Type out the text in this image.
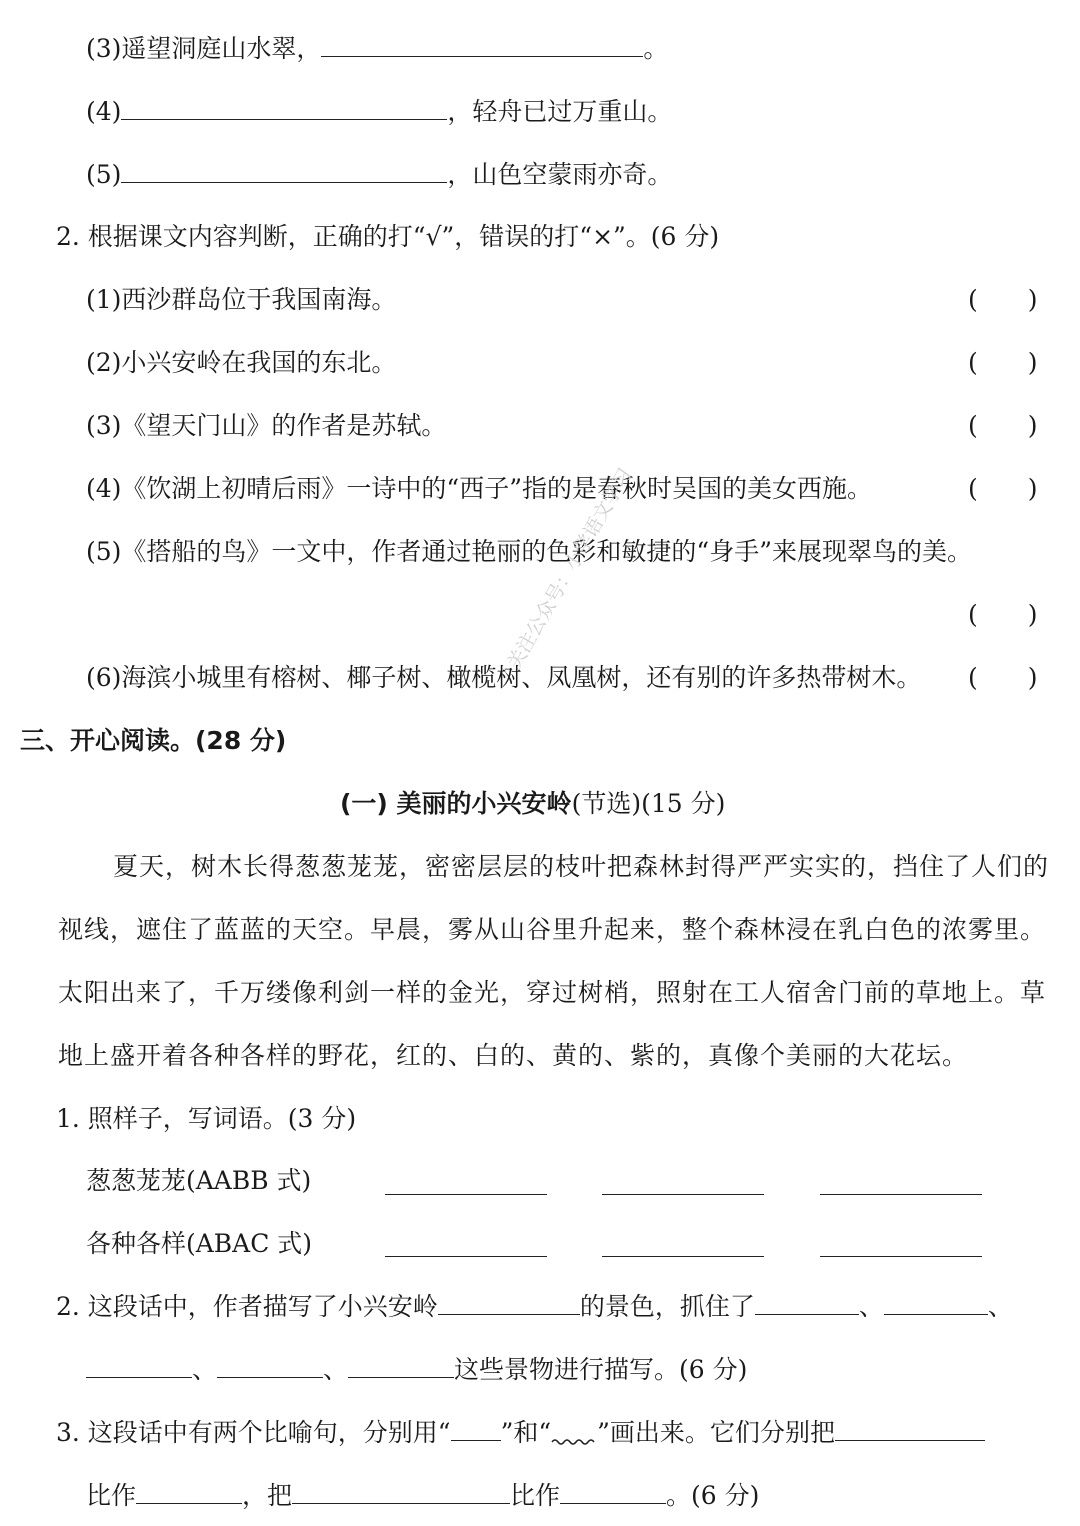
(3)遥望洞庭山水翠，	。
(4)	，轻舟已过万重山。
(5)	，山色空蒙雨亦奇。
2. 根据课文内容判断，正确的打“√”，错误的打“×”。(6 分)
(1)西沙群岛位于我国南海。	(　　)
(2)小兴安岭在我国的东北。	(　　)
(3)《望天门山》的作者是苏轼。	(　　)
(4)《饮湖上初晴后雨》一诗中的“西子”指的是春秋时吴国的美女西施。	(　　)
(5)《搭船的鸟》一文中，作者通过艳丽的色彩和敏捷的“身手”来展现翠鸟的美。
(　　)
(6)海滨小城里有榕树、椰子树、橄榄树、凤凰树，还有别的许多热带树木。 (　　)
三、开心阅读。(28 分)
(一) 美丽的小兴安岭(节选)(15 分)
关注公众号：小学语文学习
夏天，树木长得葱葱茏茏，密密层层的枝叶把森林封得严严实实的，挡住了人们的
视线，遮住了蓝蓝的天空。早晨，雾从山谷里升起来，整个森林浸在乳白色的浓雾里。
太阳出来了，千万缕像利剑一样的金光，穿过树梢，照射在工人宿舍门前的草地上。草
地上盛开着各种各样的野花，红的、白的、黄的、紫的，真像个美丽的大花坛。
1. 照样子，写词语。(3 分)
葱葱茏茏(AABB 式)
各种各样(ABAC 式)
2. 这段话中，作者描写了小兴安岭	的景色，抓住了	、	、
、	、	这些景物进行描写。(6 分)
3. 这段话中有两个比喻句，分别用“ ”和“ ”画出来。它们分别把
比作	，把	比作	。(6 分)
